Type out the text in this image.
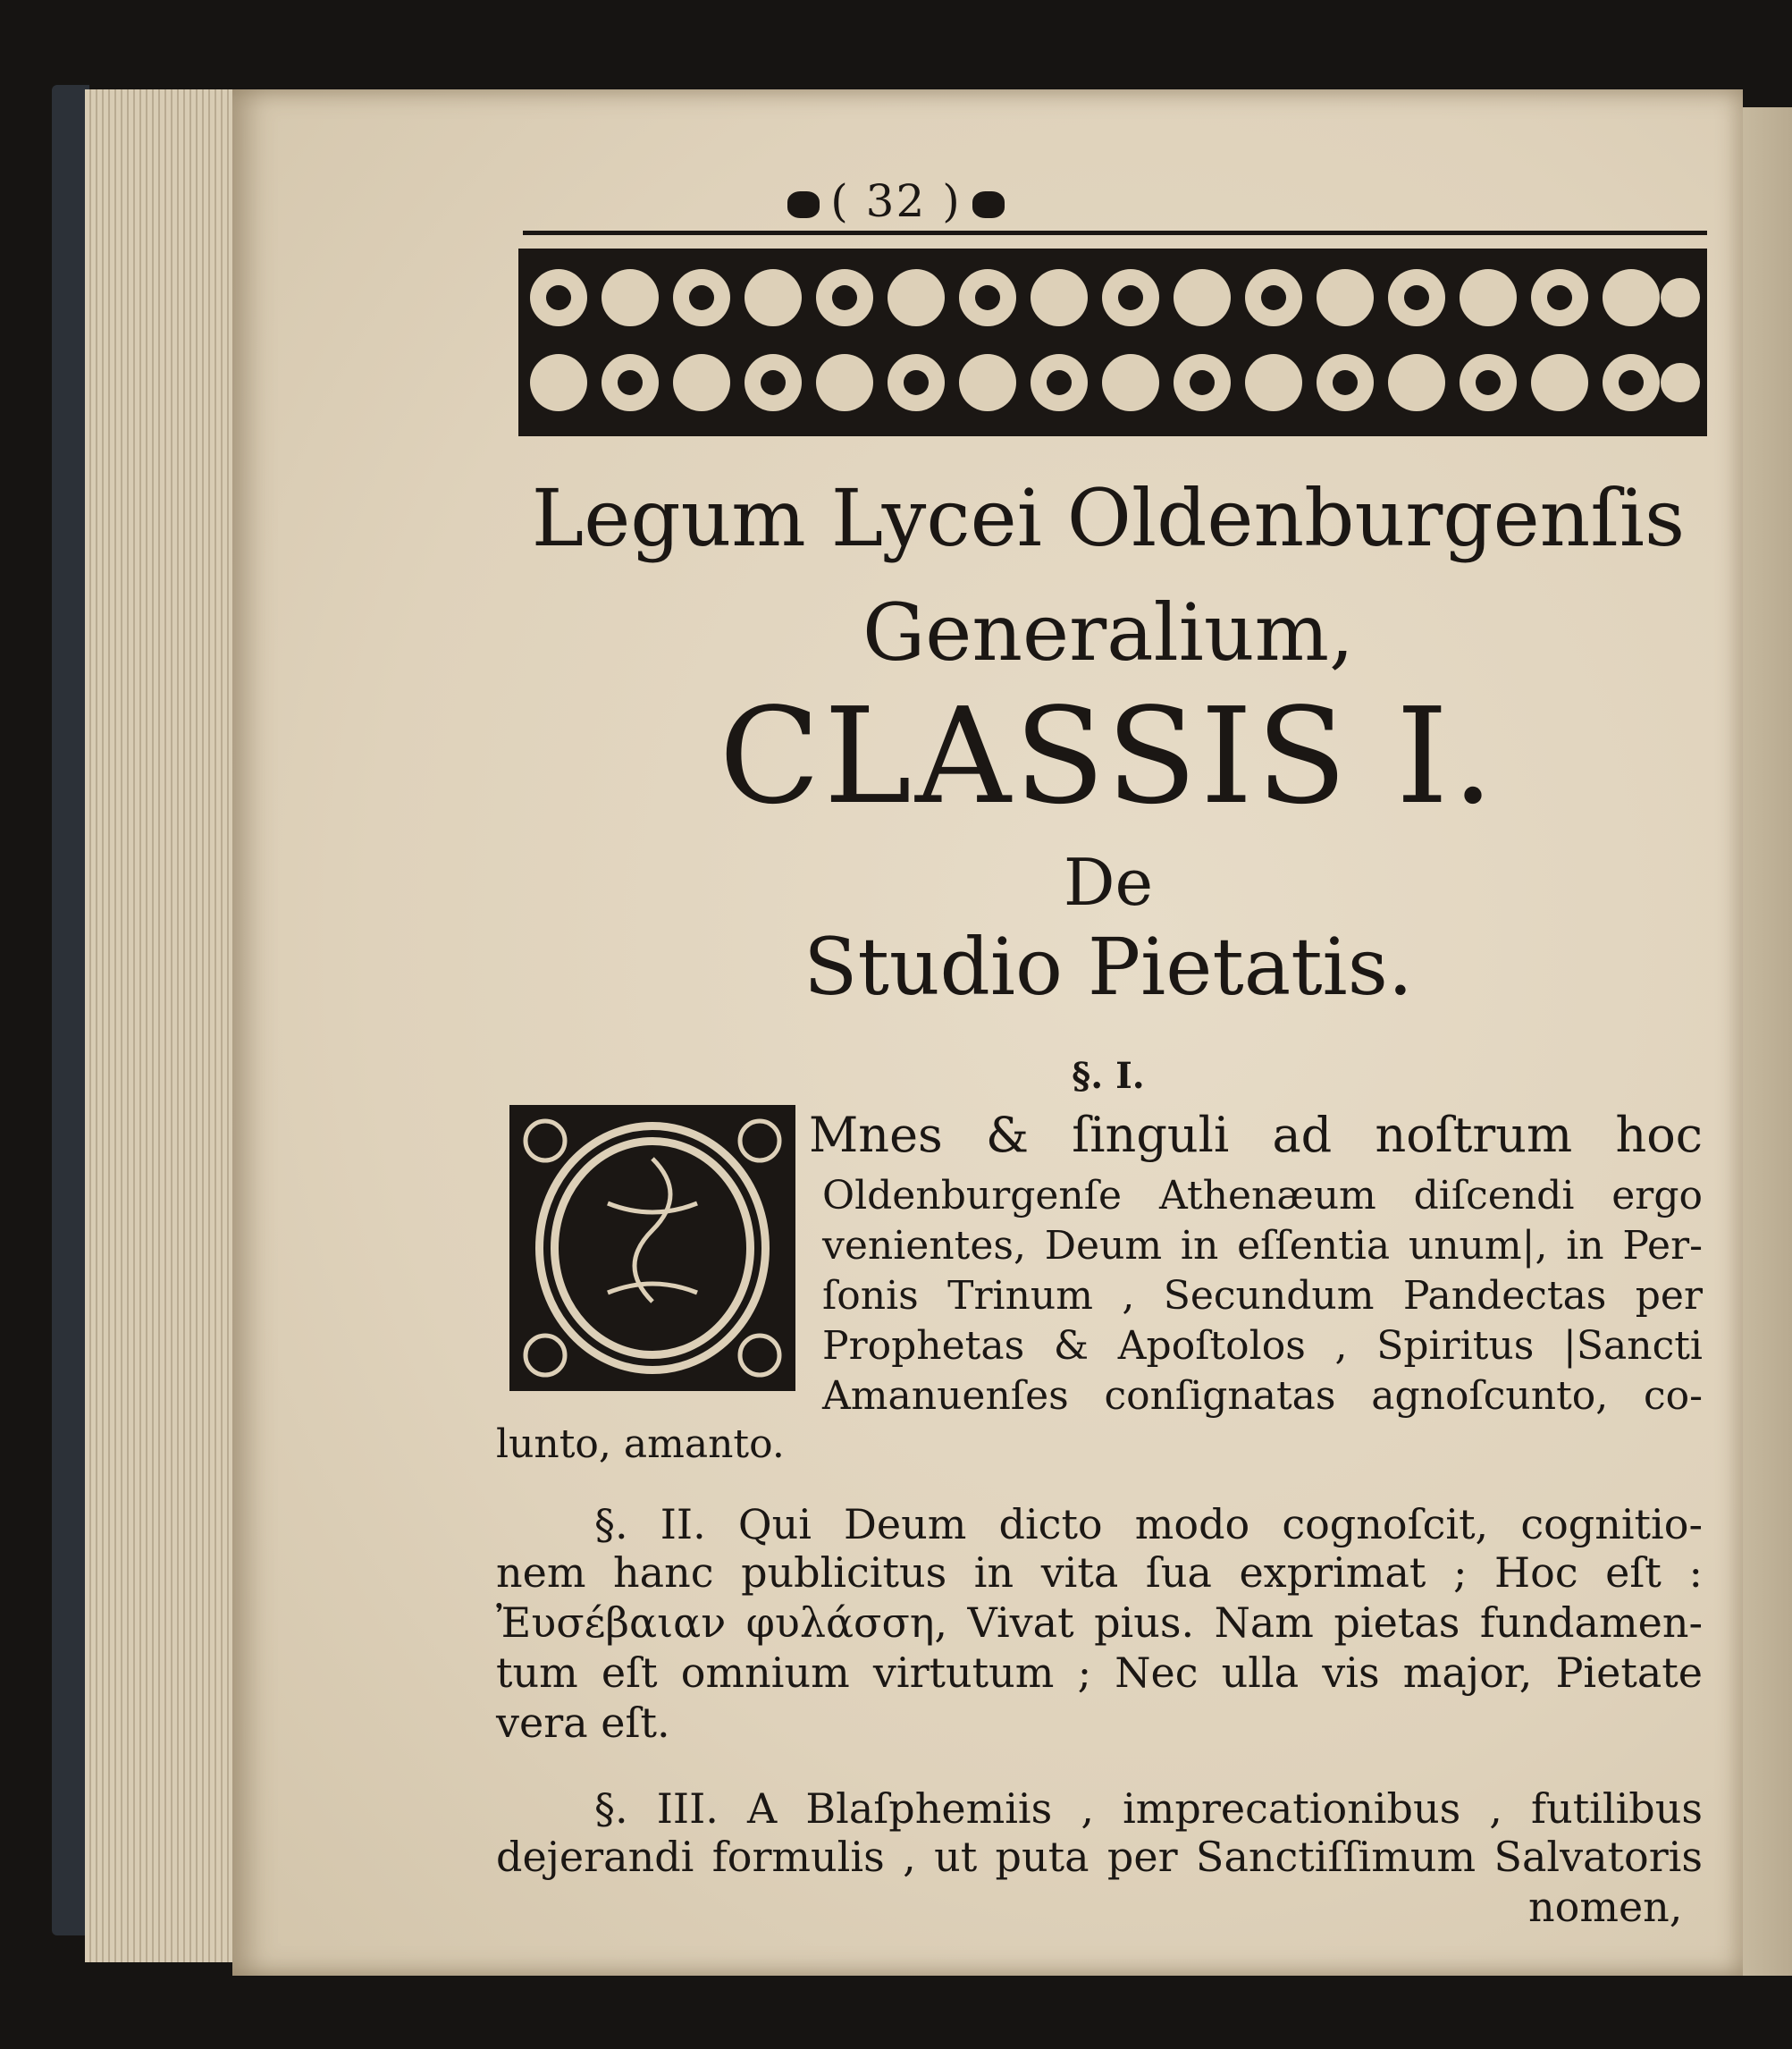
( 32 )
Legum Lycei Oldenburgenſis
Generalium,
CLASSIS I.
De
Studio Pietatis.
§. I.
Mnes & ſinguli ad noſtrum hoc
Oldenburgenſe Athenæum diſcendi ergo
venientes, Deum in eſſentia unum|, in Per-
ſonis Trinum , Secundum Pandectas per
Prophetas & Apoſtolos , Spiritus |Sancti
Amanuenſes conſignatas agnoſcunto, co-
lunto, amanto.
§. II. Qui Deum dicto modo cognoſcit, cognitio-
nem hanc publicitus in vita ſua exprimat ; Hoc eſt :
Ἐυσέβαιαν φυλάσση, Vivat pius. Nam pietas fundamen-
tum eſt omnium virtutum ; Nec ulla vis major, Pietate
vera eſt.
§. III. A Blaſphemiis , imprecationibus , futilibus
dejerandi formulis , ut puta per Sanctiſſimum Salvatoris
nomen,
